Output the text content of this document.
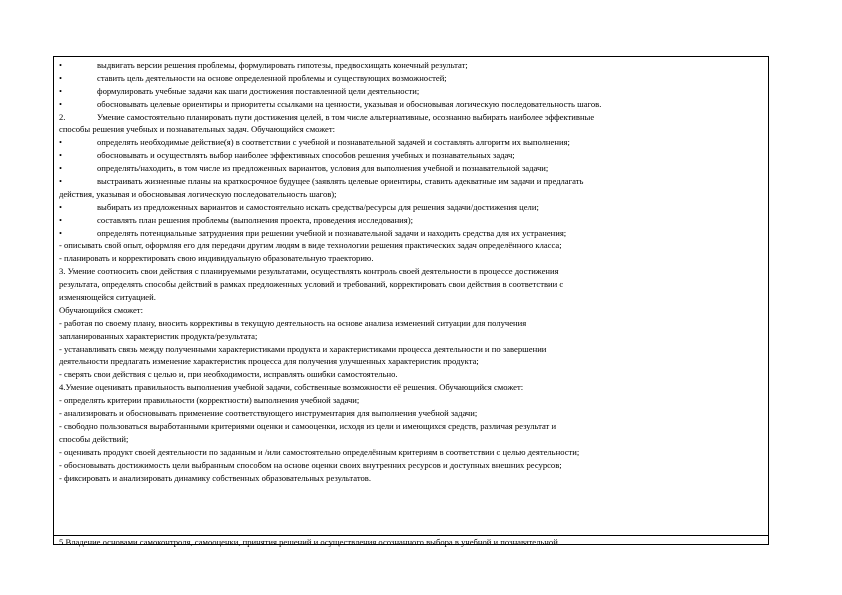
•	выдвигать версии решения проблемы, формулировать гипотезы, предвосхищать конечный результат;
•	ставить цель деятельности на основе определенной проблемы и существующих возможностей;
•	формулировать учебные задачи как шаги достижения поставленной цели деятельности;
•	обосновывать целевые ориентиры и приоритеты ссылками на ценности, указывая и обосновывая логическую последовательность шагов.
2.	Умение самостоятельно планировать пути достижения целей, в том числе альтернативные, осознанно выбирать наиболее эффективные
способы решения учебных и познавательных задач. Обучающийся сможет:
•	определять необходимые действие(я) в соответствии с учебной и познавательной задачей и составлять алгоритм их выполнения;
•	обосновывать и осуществлять выбор наиболее эффективных способов решения учебных и познавательных задач;
•	определять/находить, в том числе из предложенных вариантов, условия для выполнения учебной и познавательной задачи;
•	выстраивать жизненные планы на краткосрочное будущее (заявлять целевые ориентиры, ставить адекватные им задачи и предлагать
действия, указывая и обосновывая логическую последовательность шагов);
•	выбирать из предложенных вариантов и самостоятельно искать средства/ресурсы для решения задачи/достижения цели;
•	составлять план решения проблемы (выполнения проекта, проведения исследования);
•	определять потенциальные затруднения при решении учебной и познавательной задачи и находить средства для их устранения;
- описывать свой опыт, оформляя его для передачи другим людям в виде технологии решения практических задач определённого класса;
- планировать и корректировать свою индивидуальную образовательную траекторию.
3. Умение соотносить свои действия с планируемыми результатами, осуществлять контроль своей деятельности в процессе достижения
результата, определять способы действий в рамках предложенных условий и требований, корректировать свои действия в соответствии с
изменяющейся ситуацией.
Обучающийся сможет:
- работая по своему плану, вносить коррективы в текущую деятельность на основе анализа изменений ситуации для получения
запланированных характеристик продукта/результата;
- устанавливать связь между полученными характеристиками продукта и характеристиками процесса деятельности и по завершении
деятельности предлагать изменение характеристик процесса для получения улучшенных характеристик продукта;
- сверять свои действия с целью и, при необходимости, исправлять ошибки самостоятельно.
4.Умение оценивать правильность выполнения учебной задачи, собственные возможности её решения. Обучающийся сможет:
- определять критерии правильности (корректности) выполнения учебной задачи;
- анализировать и обосновывать применение соответствующего инструментария для выполнения учебной задачи;
- свободно пользоваться выработанными критериями оценки и самооценки, исходя из цели и имеющихся средств, различая результат и
способы действий;
- оценивать продукт своей деятельности по заданным и /или самостоятельно определённым критериям в соответствии с целью деятельности;
- обосновывать достижимость цели выбранным способом на основе оценки своих внутренних ресурсов и доступных внешних ресурсов;
- фиксировать и анализировать динамику собственных образовательных результатов.
5.Владение основами самоконтроля, самооценки, принятия решений и осуществления осознанного выбора в учебной и познавательной.
